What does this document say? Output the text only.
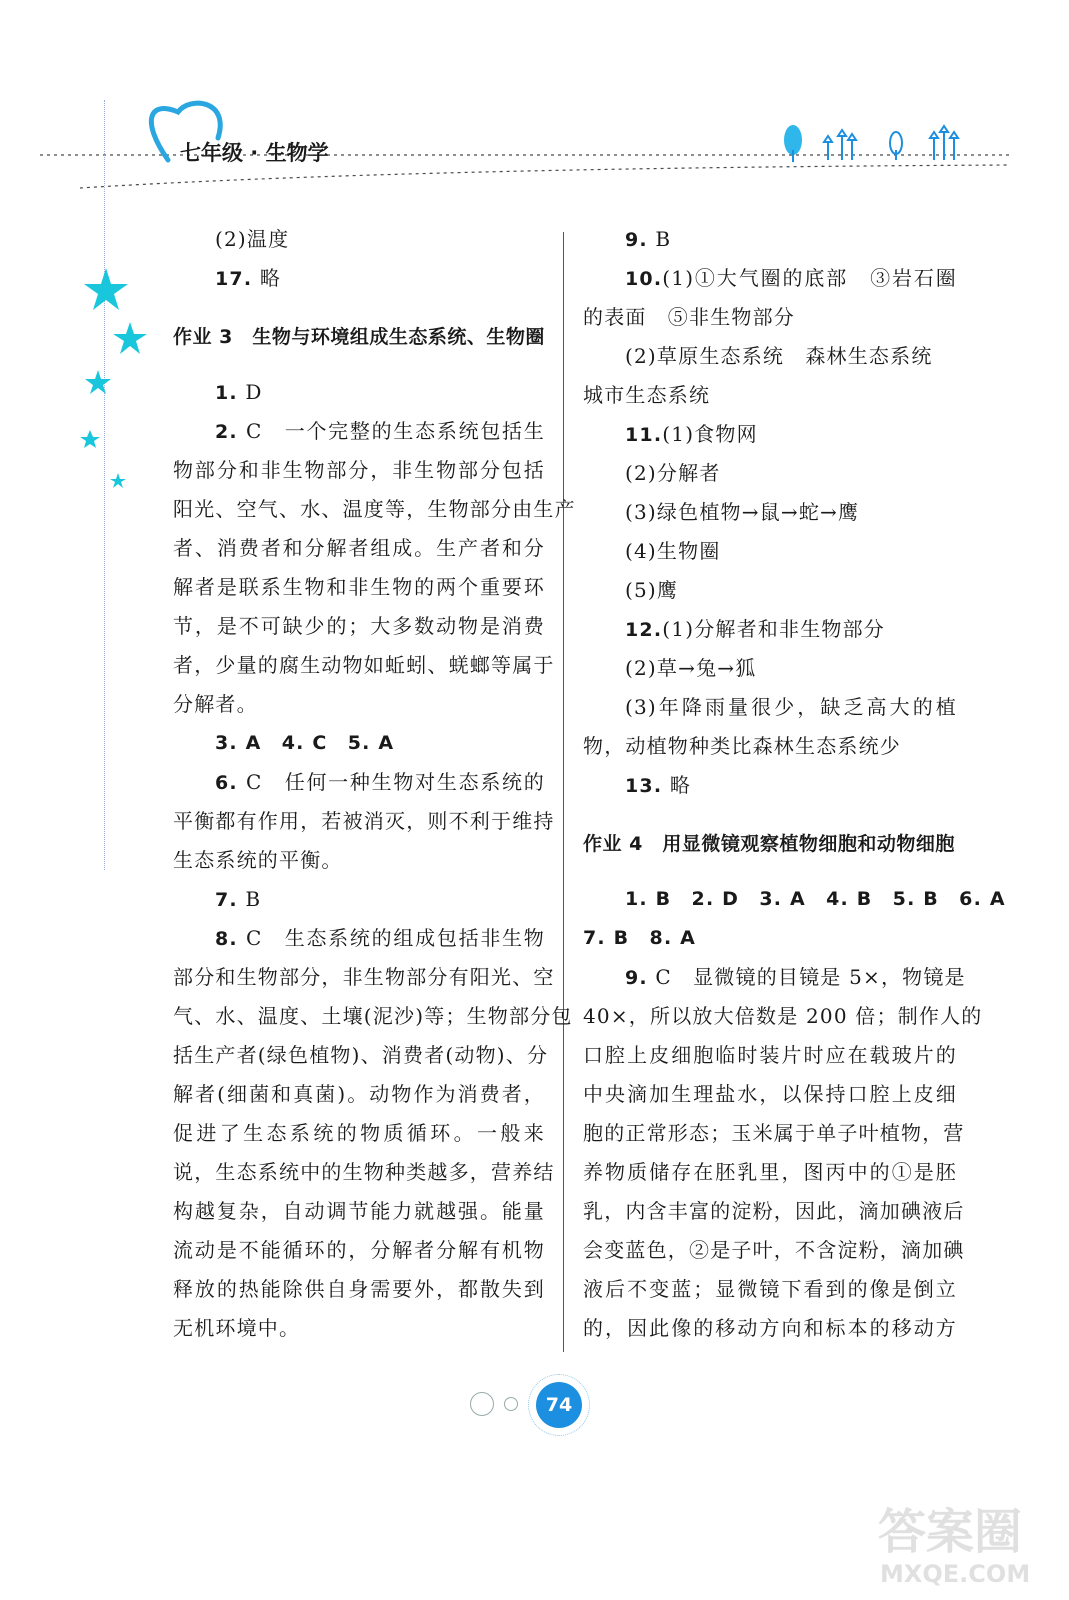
七年级 · 生物学
(2)温度
17. 略
作业 3　生物与环境组成生态系统、生物圈
1. D
2. C　一个完整的生态系统包括生
物部分和非生物部分，非生物部分包括
阳光、空气、水、温度等，生物部分由生产
者、消费者和分解者组成。生产者和分
解者是联系生物和非生物的两个重要环
节，是不可缺少的；大多数动物是消费
者，少量的腐生动物如蚯蚓、蜣螂等属于
分解者。
3. A　4. C　5. A
6. C　任何一种生物对生态系统的
平衡都有作用，若被消灭，则不利于维持
生态系统的平衡。
7. B
8. C　生态系统的组成包括非生物
部分和生物部分，非生物部分有阳光、空
气、水、温度、土壤(泥沙)等；生物部分包
括生产者(绿色植物)、消费者(动物)、分
解者(细菌和真菌)。动物作为消费者，
促进了生态系统的物质循环。一般来
说，生态系统中的生物种类越多，营养结
构越复杂，自动调节能力就越强。能量
流动是不能循环的，分解者分解有机物
释放的热能除供自身需要外，都散失到
无机环境中。
9. B
10.(1)①大气圈的底部　③岩石圈
的表面　⑤非生物部分
(2)草原生态系统　森林生态系统
城市生态系统
11.(1)食物网
(2)分解者
(3)绿色植物→鼠→蛇→鹰
(4)生物圈
(5)鹰
12.(1)分解者和非生物部分
(2)草→兔→狐
(3)年降雨量很少，缺乏高大的植
物，动植物种类比森林生态系统少
13. 略
作业 4　用显微镜观察植物细胞和动物细胞
1. B　2. D　3. A　4. B　5. B　6. A
7. B　8. A
9. C　显微镜的目镜是 5×，物镜是
40×，所以放大倍数是 200 倍；制作人的
口腔上皮细胞临时装片时应在载玻片的
中央滴加生理盐水，以保持口腔上皮细
胞的正常形态；玉米属于单子叶植物，营
养物质储存在胚乳里，图丙中的①是胚
乳，内含丰富的淀粉，因此，滴加碘液后
会变蓝色，②是子叶，不含淀粉，滴加碘
液后不变蓝；显微镜下看到的像是倒立
的，因此像的移动方向和标本的移动方
74
答案圈
MXQE.COM
